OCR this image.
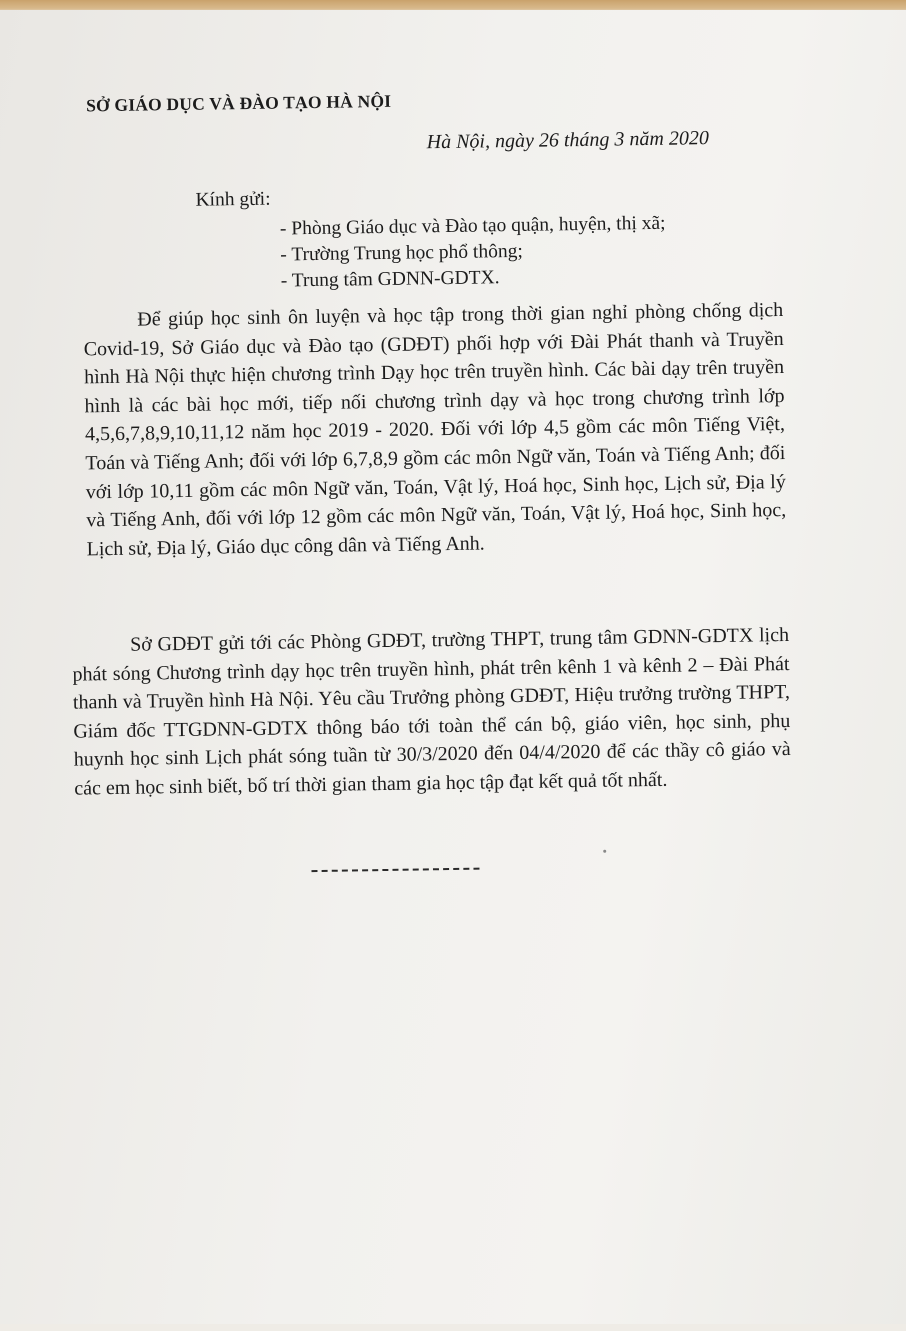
SỞ GIÁO DỤC VÀ ĐÀO TẠO HÀ NỘI
Hà Nội, ngày 26 tháng 3 năm 2020
Kính gửi:
- Phòng Giáo dục và Đào tạo quận, huyện, thị xã;
- Trường Trung học phổ thông;
- Trung tâm GDNN-GDTX.

Để giúp học sinh ôn luyện và học tập trong thời gian nghỉ phòng chống dịch Covid-19, Sở Giáo dục và Đào tạo (GDĐT) phối hợp với Đài Phát thanh và Truyền hình Hà Nội thực hiện chương trình Dạy học trên truyền hình. Các bài dạy trên truyền hình là các bài học mới, tiếp nối chương trình dạy và học trong chương trình lớp 4,5,6,7,8,9,10,11,12 năm học 2019 - 2020. Đối với lớp 4,5 gồm các môn Tiếng Việt, Toán và Tiếng Anh; đối với lớp 6,7,8,9 gồm các môn Ngữ văn, Toán và Tiếng Anh; đối với lớp 10,11 gồm các môn Ngữ văn, Toán, Vật lý, Hoá học, Sinh học, Lịch sử, Địa lý và Tiếng Anh, đối với lớp 12 gồm các môn Ngữ văn, Toán, Vật lý, Hoá học, Sinh học, Lịch sử, Địa lý, Giáo dục công dân và Tiếng Anh.

Sở GDĐT gửi tới các Phòng GDĐT, trường THPT, trung tâm GDNN-GDTX lịch phát sóng Chương trình dạy học trên truyền hình, phát trên kênh 1 và kênh 2 – Đài Phát thanh và Truyền hình Hà Nội. Yêu cầu Trưởng phòng GDĐT, Hiệu trưởng trường THPT, Giám đốc TTGDNN-GDTX thông báo tới toàn thể cán bộ, giáo viên, học sinh, phụ huynh học sinh Lịch phát sóng tuần từ 30/3/2020 đến 04/4/2020 để các thầy cô giáo và các em học sinh biết, bố trí thời gian tham gia học tập đạt kết quả tốt nhất.
